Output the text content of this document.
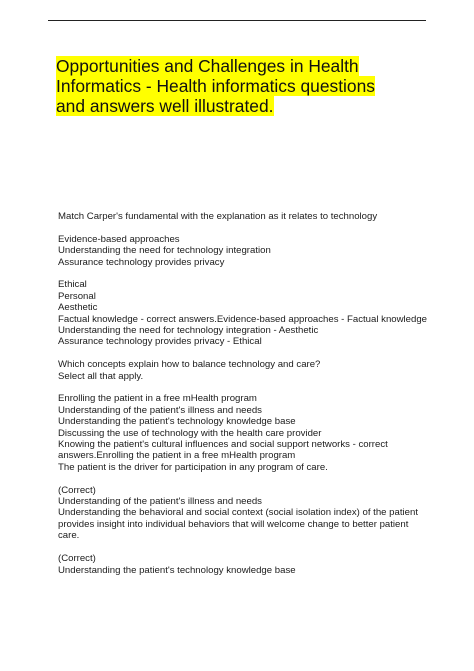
Opportunities and Challenges in Health
Informatics - Health informatics questions
and answers well illustrated.
Match Carper's fundamental with the explanation as it relates to technology
Evidence-based approaches
Understanding the need for technology integration
Assurance technology provides privacy
Ethical
Personal
Aesthetic
Factual knowledge - correct answers.Evidence-based approaches - Factual knowledge
Understanding the need for technology integration - Aesthetic
Assurance technology provides privacy - Ethical
Which concepts explain how to balance technology and care?
Select all that apply.
Enrolling the patient in a free mHealth program
Understanding of the patient's illness and needs
Understanding the patient's technology knowledge base
Discussing the use of technology with the health care provider
Knowing the patient's cultural influences and social support networks - correct
answers.Enrolling the patient in a free mHealth program
The patient is the driver for participation in any program of care.
(Correct)
Understanding of the patient's illness and needs
Understanding the behavioral and social context (social isolation index) of the patient
provides insight into individual behaviors that will welcome change to better patient
care.
(Correct)
Understanding the patient's technology knowledge base
